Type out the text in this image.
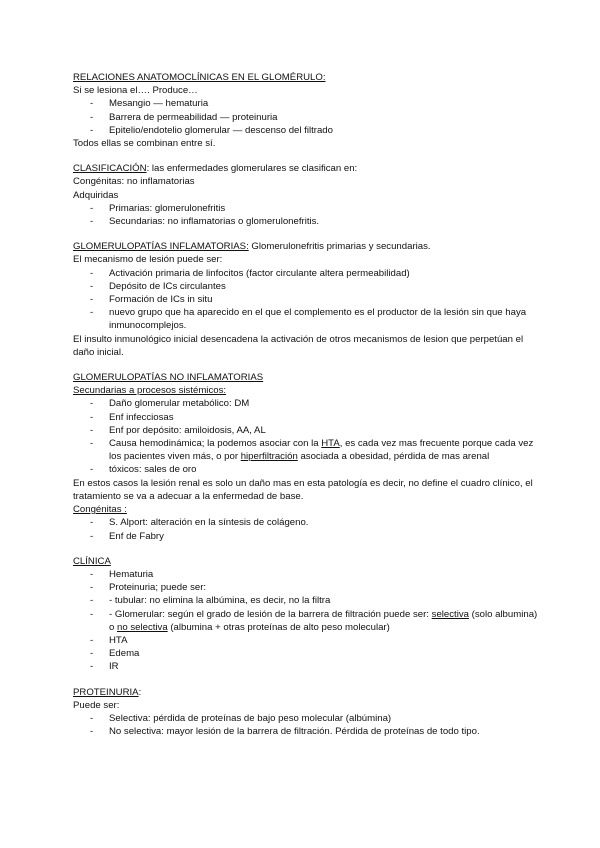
RELACIONES ANATOMOCLÍNICAS EN EL GLOMÉRULO:
Si se lesiona el…. Produce…
- Mesangio — hematuria
- Barrera de permeabilidad — proteinuria
- Epitelio/endotelio glomerular — descenso del filtrado
Todos ellas se combinan entre sí.
CLASIFICACIÓN: las enfermedades glomerulares se clasifican en:
Congénitas: no inflamatorias
Adquiridas
- Primarias: glomerulonefritis
- Secundarias: no inflamatorias o glomerulonefritis.
GLOMERULOPATÍAS INFLAMATORIAS: Glomerulonefritis primarias y secundarias.
El mecanismo de lesión puede ser:
- Activación primaria de linfocitos (factor circulante altera permeabilidad)
- Depósito de ICs circulantes
- Formación de ICs in situ
- nuevo grupo que ha aparecido en el que el complemento es el productor de la lesión sin que haya inmunocomplejos.
El insulto inmunológico inicial desencadena la activación de otros mecanismos de lesion que perpetúan el daño inicial.
GLOMERULOPATÍAS NO INFLAMATORIAS
Secundarias a procesos sistémicos:
- Daño glomerular metabólico: DM
- Enf infecciosas
- Enf por depósito: amiloidosis, AA, AL
- Causa hemodinámica; la podemos asociar con la HTA, es cada vez mas frecuente porque cada vez los pacientes viven más, o por hiperfiltración asociada a obesidad, pérdida de mas arenal
- tóxicos: sales de oro
En estos casos la lesión renal es solo un daño mas en esta patología es decir, no define el cuadro clínico, el tratamiento se va a adecuar a la enfermedad de base.
Congénitas :
- S. Alport: alteración en la síntesis de colágeno.
- Enf de Fabry
CLÍNICA
- Hematuria
- Proteinuria; puede ser:
- - tubular: no elimina la albúmina, es decir, no la filtra
- - Glomerular: según el grado de lesión de la barrera de filtración puede ser: selectiva (solo albumina) o no selectiva (albumina + otras proteínas de alto peso molecular)
- HTA
- Edema
- IR
PROTEINURIA:
Puede ser:
- Selectiva: pérdida de proteínas de bajo peso molecular (albúmina)
- No selectiva: mayor lesión de la barrera de filtración. Pérdida de proteínas de todo tipo.
